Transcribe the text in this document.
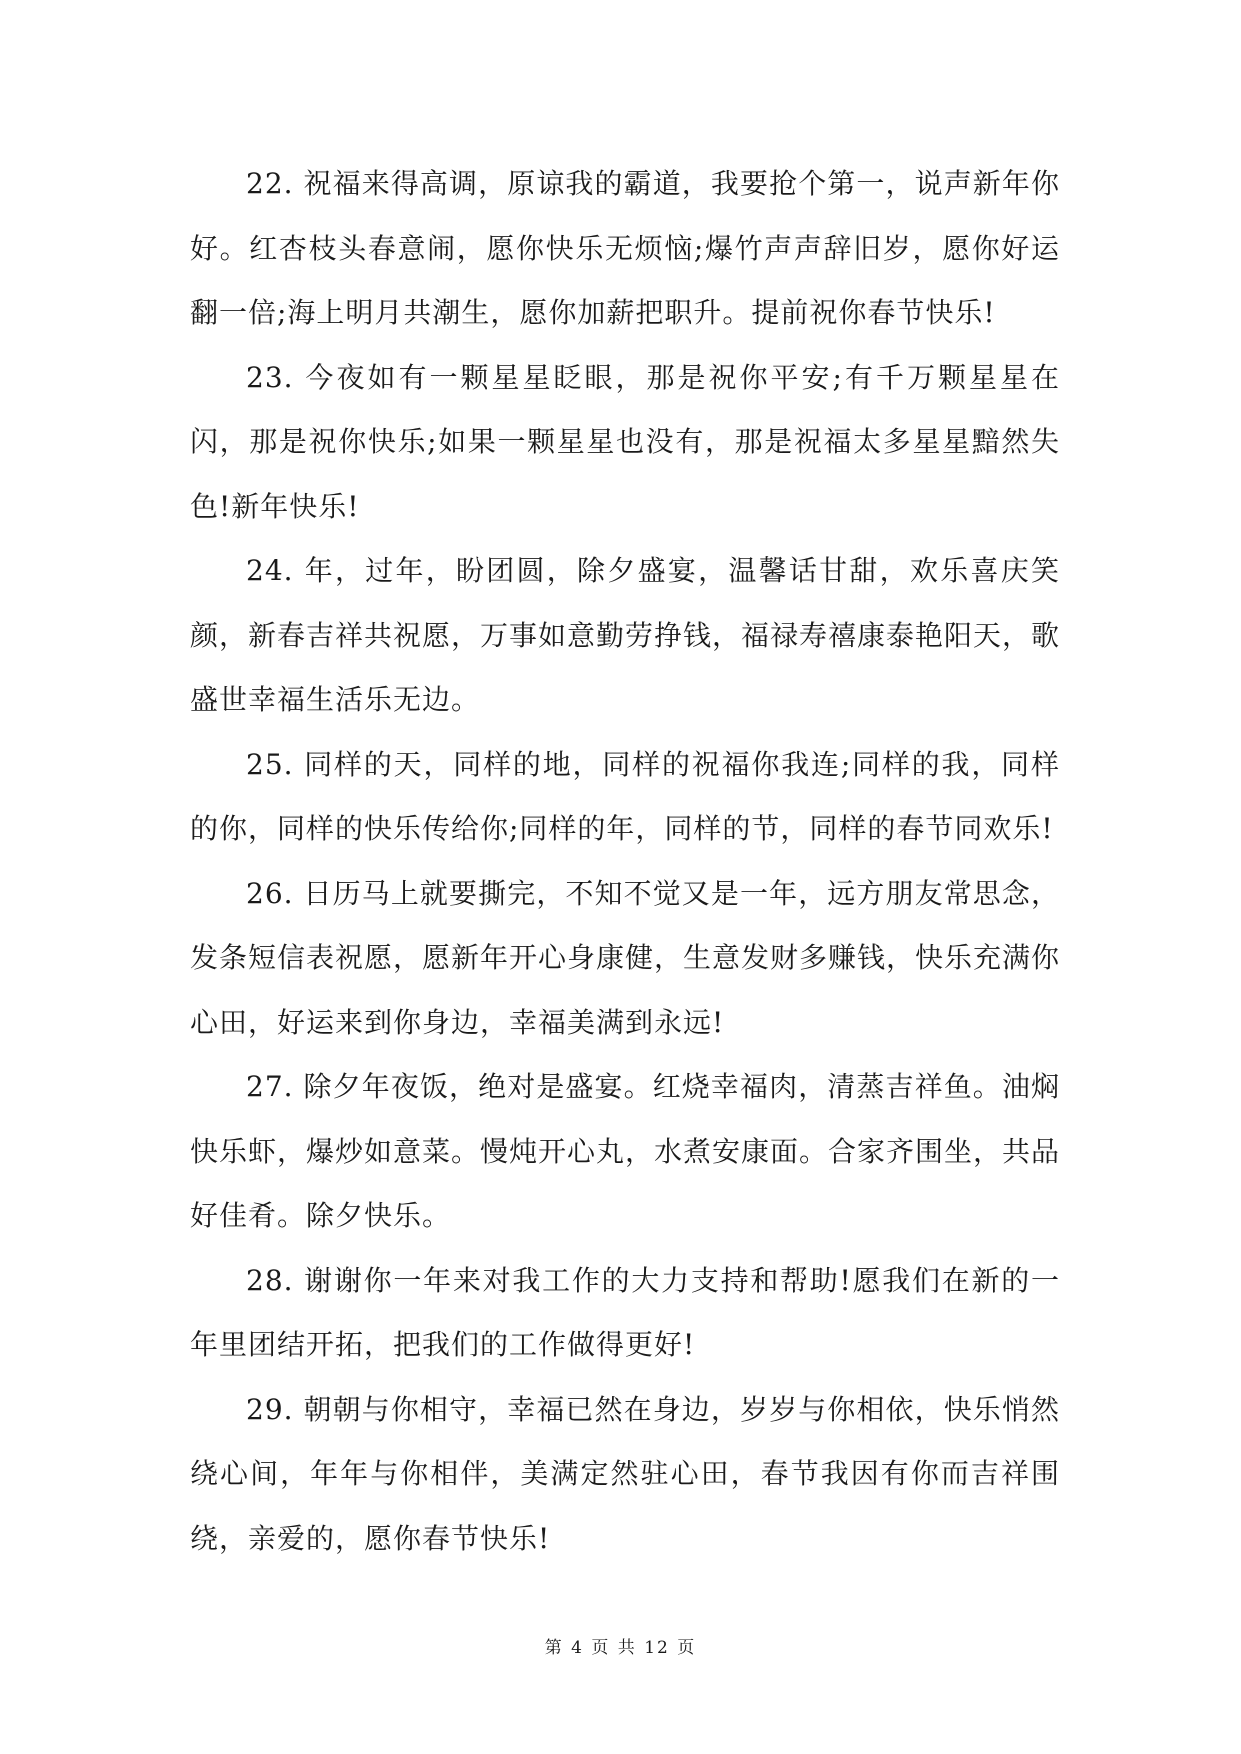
22. 祝福来得高调，原谅我的霸道，我要抢个第一，说声新年你好。红杏枝头春意闹，愿你快乐无烦恼;爆竹声声辞旧岁，愿你好运翻一倍;海上明月共潮生，愿你加薪把职升。提前祝你春节快乐!

23. 今夜如有一颗星星眨眼，那是祝你平安;有千万颗星星在闪，那是祝你快乐;如果一颗星星也没有，那是祝福太多星星黯然失色!新年快乐!

24. 年，过年，盼团圆，除夕盛宴，温馨话甘甜，欢乐喜庆笑颜，新春吉祥共祝愿，万事如意勤劳挣钱，福禄寿禧康泰艳阳天，歌盛世幸福生活乐无边。

25. 同样的天，同样的地，同样的祝福你我连;同样的我，同样的你，同样的快乐传给你;同样的年，同样的节，同样的春节同欢乐!

26. 日历马上就要撕完，不知不觉又是一年，远方朋友常思念，发条短信表祝愿，愿新年开心身康健，生意发财多赚钱，快乐充满你心田，好运来到你身边，幸福美满到永远!

27. 除夕年夜饭，绝对是盛宴。红烧幸福肉，清蒸吉祥鱼。油焖快乐虾，爆炒如意菜。慢炖开心丸，水煮安康面。合家齐围坐，共品好佳肴。除夕快乐。

28. 谢谢你一年来对我工作的大力支持和帮助!愿我们在新的一年里团结开拓，把我们的工作做得更好!

29. 朝朝与你相守，幸福已然在身边，岁岁与你相依，快乐悄然绕心间，年年与你相伴，美满定然驻心田，春节我因有你而吉祥围绕，亲爱的，愿你春节快乐!

第 4 页 共 12 页
